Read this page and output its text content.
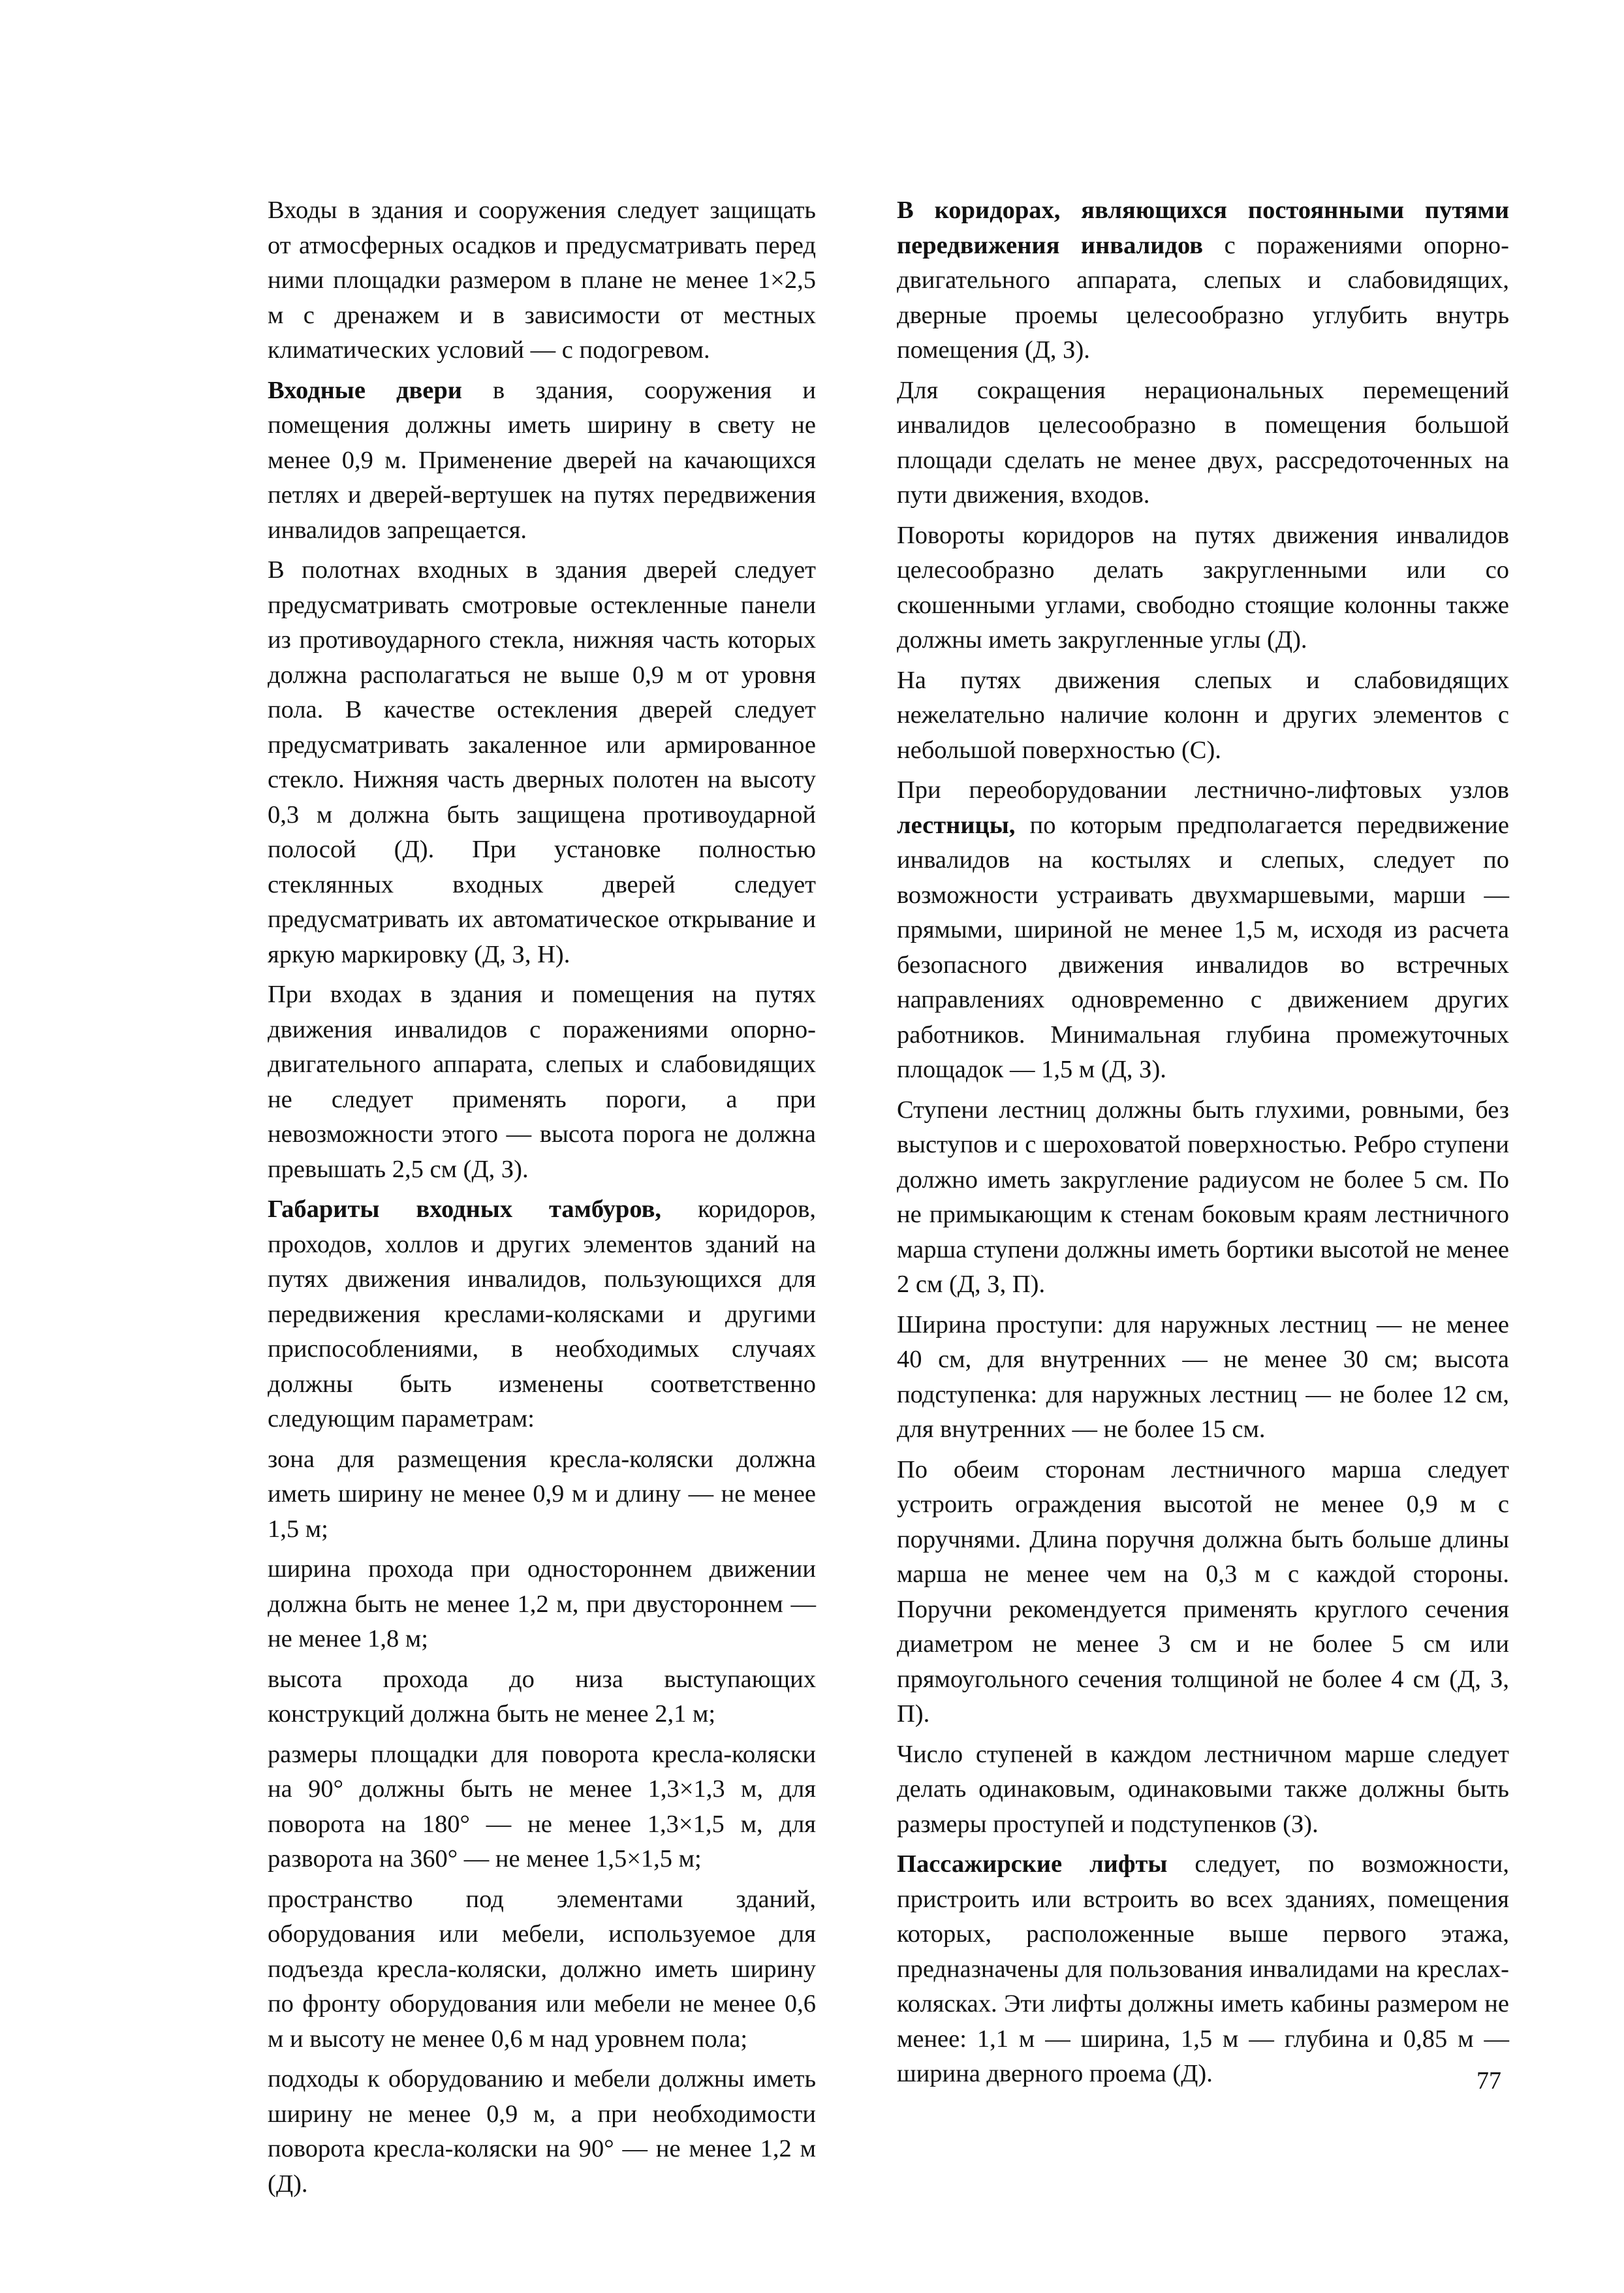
Входы в здания и сооружения следует защищать от атмосферных осадков и предусматривать перед ними площадки размером в плане не менее 1×2,5 м с дренажем и в зависимости от местных климатических условий — с подогревом.

Входные двери в здания, сооружения и помещения должны иметь ширину в свету не менее 0,9 м. Применение дверей на качающихся петлях и дверей-вертушек на путях передвижения инвалидов запрещается.

В полотнах входных в здания дверей следует предусматривать смотровые остекленные панели из противоударного стекла, нижняя часть которых должна располагаться не выше 0,9 м от уровня пола. В качестве остекления дверей следует предусматривать закаленное или армированное стекло. Нижняя часть дверных полотен на высоту 0,3 м должна быть защищена противоударной полосой (Д). При установке полностью стеклянных входных дверей следует предусматривать их автоматическое открывание и яркую маркировку (Д, З, Н).

При входах в здания и помещения на путях движения инвалидов с поражениями опорно-двигательного аппарата, слепых и слабовидящих не следует применять пороги, а при невозможности этого — высота порога не должна превышать 2,5 см (Д, З).

Габариты входных тамбуров, коридоров, проходов, холлов и других элементов зданий на путях движения инвалидов, пользующихся для передвижения креслами-колясками и другими приспособлениями, в необходимых случаях должны быть изменены соответственно следующим параметрам:

зона для размещения кресла-коляски должна иметь ширину не менее 0,9 м и длину — не менее 1,5 м;

ширина прохода при одностороннем движении должна быть не менее 1,2 м, при двустороннем — не менее 1,8 м;

высота прохода до низа выступающих конструкций должна быть не менее 2,1 м;

размеры площадки для поворота кресла-коляски на 90° должны быть не менее 1,3×1,3 м, для поворота на 180° — не менее 1,3×1,5 м, для разворота на 360° — не менее 1,5×1,5 м;

пространство под элементами зданий, оборудования или мебели, используемое для подъезда кресла-коляски, должно иметь ширину по фронту оборудования или мебели не менее 0,6 м и высоту не менее 0,6 м над уровнем пола;

подходы к оборудованию и мебели должны иметь ширину не менее 0,9 м, а при необходимости поворота кресла-коляски на 90° — не менее 1,2 м (Д).

В коридорах, являющихся постоянными путями передвижения инвалидов с поражениями опорно-двигательного аппарата, слепых и слабовидящих, дверные проемы целесообразно углубить внутрь помещения (Д, З).

Для сокращения нерациональных перемещений инвалидов целесообразно в помещения большой площади сделать не менее двух, рассредоточенных на пути движения, входов.

Повороты коридоров на путях движения инвалидов целесообразно делать закругленными или со скошенными углами, свободно стоящие колонны также должны иметь закругленные углы (Д).

На путях движения слепых и слабовидящих нежелательно наличие колонн и других элементов с небольшой поверхностью (С).

При переоборудовании лестнично-лифтовых узлов лестницы, по которым предполагается передвижение инвалидов на костылях и слепых, следует по возможности устраивать двухмаршевыми, марши — прямыми, шириной не менее 1,5 м, исходя из расчета безопасного движения инвалидов во встречных направлениях одновременно с движением других работников. Минимальная глубина промежуточных площадок — 1,5 м (Д, З).

Ступени лестниц должны быть глухими, ровными, без выступов и с шероховатой поверхностью. Ребро ступени должно иметь закругление радиусом не более 5 см. По не примыкающим к стенам боковым краям лестничного марша ступени должны иметь бортики высотой не менее 2 см (Д, З, П).

Ширина проступи: для наружных лестниц — не менее 40 см, для внутренних — не менее 30 см; высота подступенка: для наружных лестниц — не более 12 см, для внутренних — не более 15 см.

По обеим сторонам лестничного марша следует устроить ограждения высотой не менее 0,9 м с поручнями. Длина поручня должна быть больше длины марша не менее чем на 0,3 м с каждой стороны. Поручни рекомендуется применять круглого сечения диаметром не менее 3 см и не более 5 см или прямоугольного сечения толщиной не более 4 см (Д, З, П).

Число ступеней в каждом лестничном марше следует делать одинаковым, одинаковыми также должны быть размеры проступей и подступенков (З).

Пассажирские лифты следует, по возможности, пристроить или встроить во всех зданиях, помещения которых, расположенные выше первого этажа, предназначены для пользования инвалидами на креслах-колясках. Эти лифты должны иметь кабины размером не менее: 1,1 м — ширина, 1,5 м — глубина и 0,85 м — ширина дверного проема (Д).	77
